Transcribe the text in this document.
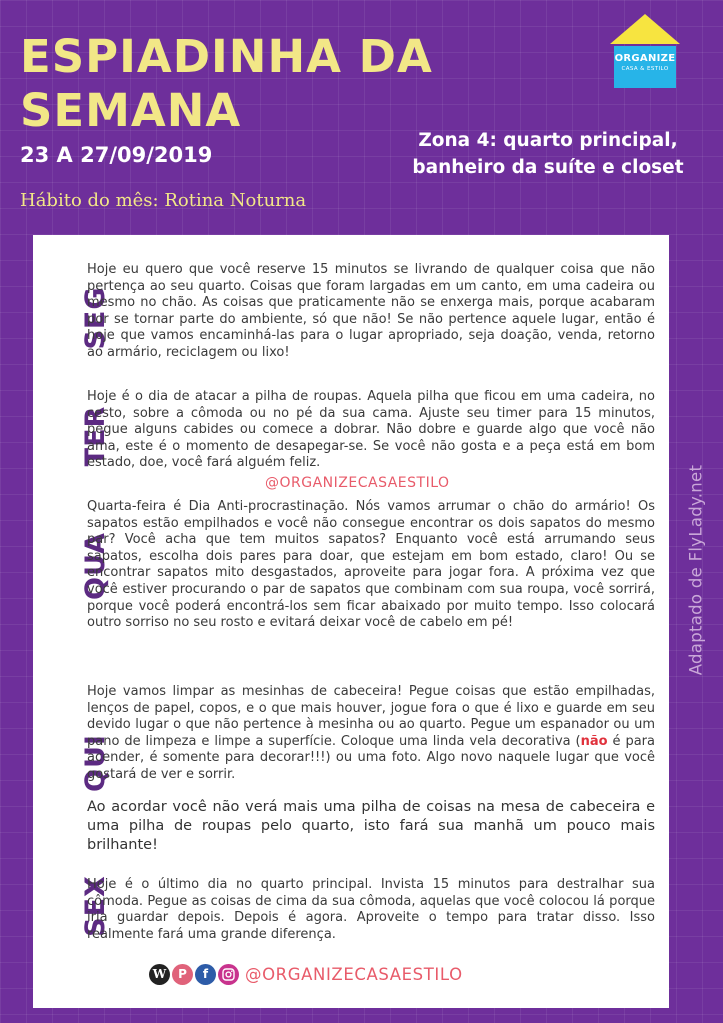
ESPIADINHA DA
SEMANA
23 A 27/09/2019
Hábito do mês: Rotina Noturna
Zona 4: quarto principal,
banheiro da suíte e closet
ORGANIZE
CASA & ESTILO
SEG
Hoje eu quero que você reserve 15 minutos se livrando de qualquer coisa que não pertença ao seu quarto. Coisas que foram largadas em um canto, em uma cadeira ou mesmo no chão. As coisas que praticamente não se enxerga mais, porque acabaram por se tornar parte do ambiente, só que não! Se não pertence aquele lugar, então é hoje que vamos encaminhá-las para o lugar apropriado, seja doação, venda, retorno ao armário, reciclagem ou lixo!
TER
Hoje é o dia de atacar a pilha de roupas. Aquela pilha que ficou em uma cadeira, no cesto, sobre a cômoda ou no pé da sua cama. Ajuste seu timer para 15 minutos, pegue alguns cabides ou comece a dobrar. Não dobre e guarde algo que você não ama, este é o momento de desapegar-se. Se você não gosta e a peça está em bom estado, doe, você fará alguém feliz.
@ORGANIZECASAESTILO
QUA
Quarta-feira é Dia Anti-procrastinação. Nós vamos arrumar o chão do armário! Os sapatos estão empilhados e você não consegue encontrar os dois sapatos do mesmo par? Você acha que tem muitos sapatos? Enquanto você está arrumando seus sapatos, escolha dois pares para doar, que estejam em bom estado, claro! Ou se encontrar sapatos mito desgastados, aproveite para jogar fora. A próxima vez que você estiver procurando o par de sapatos que combinam com sua roupa, você sorrirá, porque você poderá encontrá-los sem ficar abaixado por muito tempo. Isso colocará outro sorriso no seu rosto e evitará deixar você de cabelo em pé!
QUI
Hoje vamos limpar as mesinhas de cabeceira! Pegue coisas que estão empilhadas, lenços de papel, copos, e o que mais houver, jogue fora o que é lixo e guarde em seu devido lugar o que não pertence à mesinha ou ao quarto. Pegue um espanador ou um pano de limpeza e limpe a superfície. Coloque uma linda vela decorativa (não é para acender, é somente para decorar!!!) ou uma foto. Algo novo naquele lugar que você gostará de ver e sorrir.
Ao acordar você não verá mais uma pilha de coisas na mesa de cabeceira e uma pilha de roupas pelo quarto, isto fará sua manhã um pouco mais brilhante!
SEX
Hoje é o último dia no quarto principal. Invista 15 minutos para destralhar sua cômoda. Pegue as coisas de cima da sua cômoda, aquelas que você colocou lá porque iria guardar depois. Depois é agora. Aproveite o tempo para tratar disso. Isso realmente fará uma grande diferença.
W P	f	@ORGANIZECASAESTILO
Adaptado de FlyLady.net
